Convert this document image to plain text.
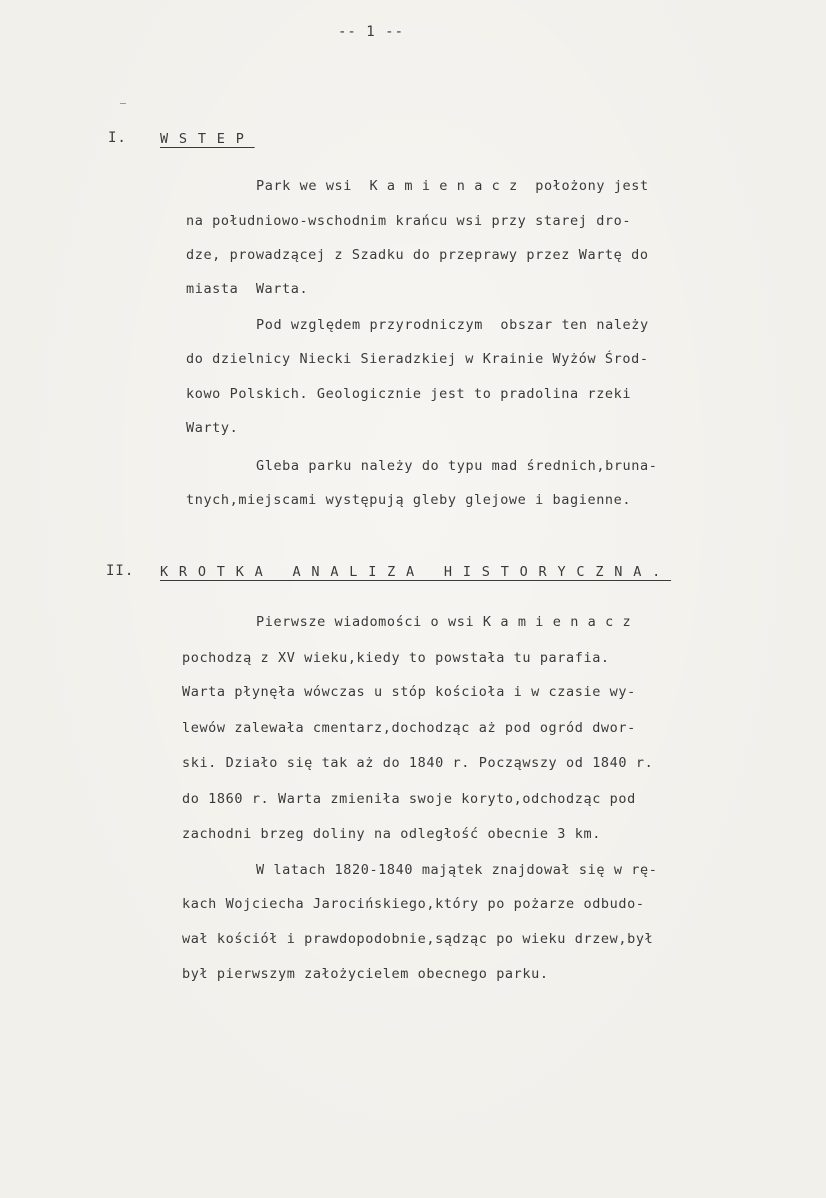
-- 1 --
I. WSTEP
Park we wsi  K a m i e n a c z  położony jest
na południowo-wschodnim krańcu wsi przy starej dro-
dze, prowadzącej z Szadku do przeprawy przez Wartę do
miasta  Warta.
Pod względem przyrodniczym  obszar ten należy
do dzielnicy Niecki Sieradzkiej w Krainie Wyżów Środ-
kowo Polskich. Geologicznie jest to pradolina rzeki
Warty.
Gleba parku należy do typu mad średnich,bruna-
tnych,miejscami występują gleby glejowe i bagienne.
II. KROTKA ANALIZA HISTORYCZNA.
Pierwsze wiadomości o wsi K a m i e n a c z
pochodzą z XV wieku,kiedy to powstała tu parafia.
Warta płynęła wówczas u stóp kościoła i w czasie wy-
lewów zalewała cmentarz,dochodząc aż pod ogród dwor-
ski. Działo się tak aż do 1840 r. Począwszy od 1840 r.
do 1860 r. Warta zmieniła swoje koryto,odchodząc pod
zachodni brzeg doliny na odległość obecnie 3 km.
W latach 1820-1840 majątek znajdował się w rę-
kach Wojciecha Jarocińskiego,który po pożarze odbudo-
wał kościół i prawdopodobnie,sądząc po wieku drzew,był
był pierwszym założycielem obecnego parku.
